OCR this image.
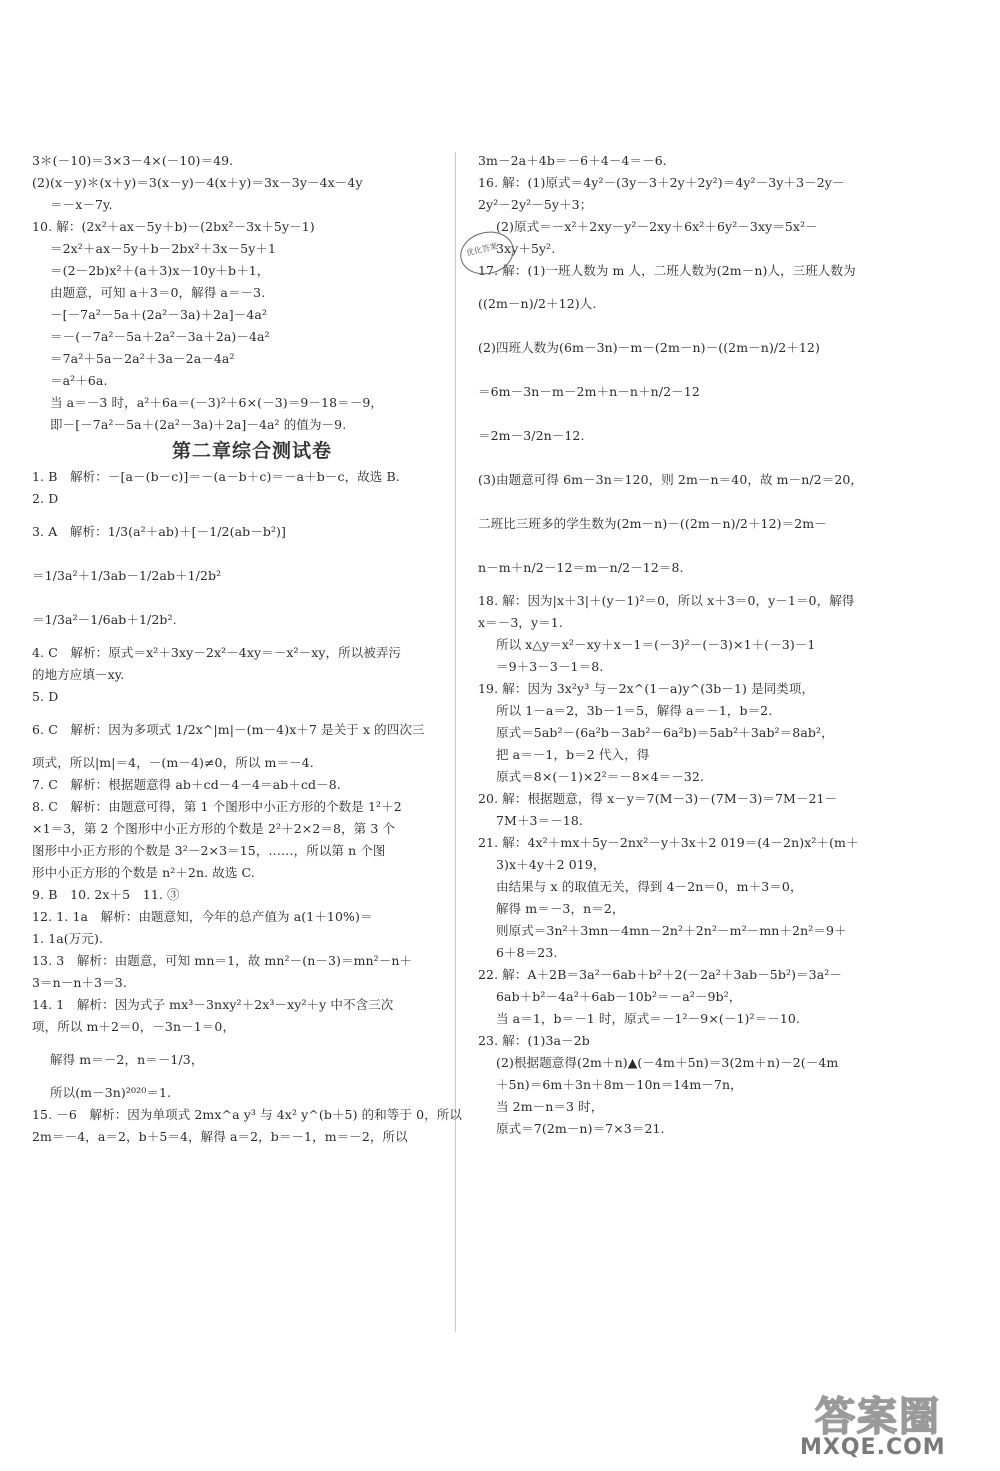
3＊(－10)＝3×3－4×(－10)＝49.
(2)(x－y)＊(x＋y)＝3(x－y)－4(x＋y)＝3x－3y－4x－4y
＝－x－7y.
10. 解：(2x²＋ax－5y＋b)－(2bx²－3x＋5y－1)
＝2x²＋ax－5y＋b－2bx²＋3x－5y＋1
＝(2－2b)x²＋(a＋3)x－10y＋b＋1，
由题意，可知 a＋3＝0，解得 a＝－3.
－[－7a²－5a＋(2a²－3a)＋2a]－4a²
＝－(－7a²－5a＋2a²－3a＋2a)－4a²
＝7a²＋5a－2a²＋3a－2a－4a²
＝a²＋6a.
当 a＝－3 时，a²＋6a＝(－3)²＋6×(－3)＝9－18＝－9，
即－[－7a²－5a＋(2a²－3a)＋2a]－4a² 的值为－9.
第二章综合测试卷
1. B　解析：－[a－(b－c)]＝－(a－b＋c)＝－a＋b－c，故选 B.
2. D
3. A　解析：1/3(a²＋ab)＋[－1/2(ab－b²)]
＝1/3a²＋1/3ab－1/2ab＋1/2b²
＝1/3a²－1/6ab＋1/2b².
4. C　解析：原式＝x²＋3xy－2x²－4xy＝－x²－xy，所以被弄污
的地方应填－xy.
5. D
6. C　解析：因为多项式 1/2x^|m|－(m－4)x＋7 是关于 x 的四次三
项式，所以|m|＝4，－(m－4)≠0，所以 m＝－4.
7. C　解析：根据题意得 ab＋cd－4－4＝ab＋cd－8.
8. C　解析：由题意可得，第 1 个图形中小正方形的个数是 1²＋2
×1＝3，第 2 个图形中小正方形的个数是 2²＋2×2＝8，第 3 个
图形中小正方形的个数是 3²－2×3＝15，……，所以第 n 个图
形中小正方形的个数是 n²＋2n. 故选 C.
9. B　10. 2x＋5　11. ③
12. 1. 1a　解析：由题意知，今年的总产值为 a(1＋10%)＝
1. 1a(万元).
13. 3　解析：由题意，可知 mn＝1，故 mn²－(n－3)＝mn²－n＋
3＝n－n＋3＝3.
14. 1　解析：因为式子 mx³－3nxy²＋2x³－xy²＋y 中不含三次
项，所以 m＋2＝0，－3n－1＝0，
解得 m＝－2，n＝－1/3，
所以(m－3n)²⁰²⁰＝1.
15. －6　解析：因为单项式 2mx^a y³ 与 4x² y^(b＋5) 的和等于 0，所以
2m＝－4，a＝2，b＋5＝4，解得 a＝2，b＝－1，m＝－2，所以
3m－2a＋4b＝－6＋4－4＝－6.
16. 解：(1)原式＝4y²－(3y－3＋2y＋2y²)＝4y²－3y＋3－2y－
2y²－2y²－5y＋3；
(2)原式＝－x²＋2xy－y²－2xy＋6x²＋6y²－3xy＝5x²－
3xy＋5y².
17. 解：(1)一班人数为 m 人，二班人数为(2m－n)人，三班人数为
((2m－n)/2＋12)人.
(2)四班人数为(6m－3n)－m－(2m－n)－((2m－n)/2＋12)
＝6m－3n－m－2m＋n－n＋n/2－12
＝2m－3/2n－12.
(3)由题意可得 6m－3n＝120，则 2m－n＝40，故 m－n/2＝20，
二班比三班多的学生数为(2m－n)－((2m－n)/2＋12)＝2m－
n－m＋n/2－12＝m－n/2－12＝8.
18. 解：因为|x＋3|＋(y－1)²＝0，所以 x＋3＝0，y－1＝0，解得
x＝－3，y＝1.
所以 x△y＝x²－xy＋x－1＝(－3)²－(－3)×1＋(－3)－1
＝9＋3－3－1＝8.
19. 解：因为 3x²y³ 与－2x^(1－a)y^(3b－1) 是同类项，
所以 1－a＝2，3b－1＝5，解得 a＝－1，b＝2.
原式＝5ab²－(6a²b－3ab²－6a²b)＝5ab²＋3ab²＝8ab²，
把 a＝－1，b＝2 代入，得
原式＝8×(－1)×2²＝－8×4＝－32.
20. 解：根据题意，得 x－y＝7(M－3)－(7M－3)＝7M－21－
7M＋3＝－18.
21. 解：4x²＋mx＋5y－2nx²－y＋3x＋2 019＝(4－2n)x²＋(m＋
3)x＋4y＋2 019，
由结果与 x 的取值无关，得到 4－2n＝0，m＋3＝0，
解得 m＝－3，n＝2，
则原式＝3n²＋3mn－4mn－2n²＋2n²－m²－mn＋2n²＝9＋
6＋8＝23.
22. 解：A＋2B＝3a²－6ab＋b²＋2(－2a²＋3ab－5b²)＝3a²－
6ab＋b²－4a²＋6ab－10b²＝－a²－9b²，
当 a＝1，b＝－1 时，原式＝－1²－9×(－1)²＝－10.
23. 解：(1)3a－2b
(2)根据题意得(2m＋n)▲(－4m＋5n)＝3(2m＋n)－2(－4m
＋5n)＝6m＋3n＋8m－10n＝14m－7n，
当 2m－n＝3 时，
原式＝7(2m－n)＝7×3＝21.
优化答案
答案圈
MXQE.COM
